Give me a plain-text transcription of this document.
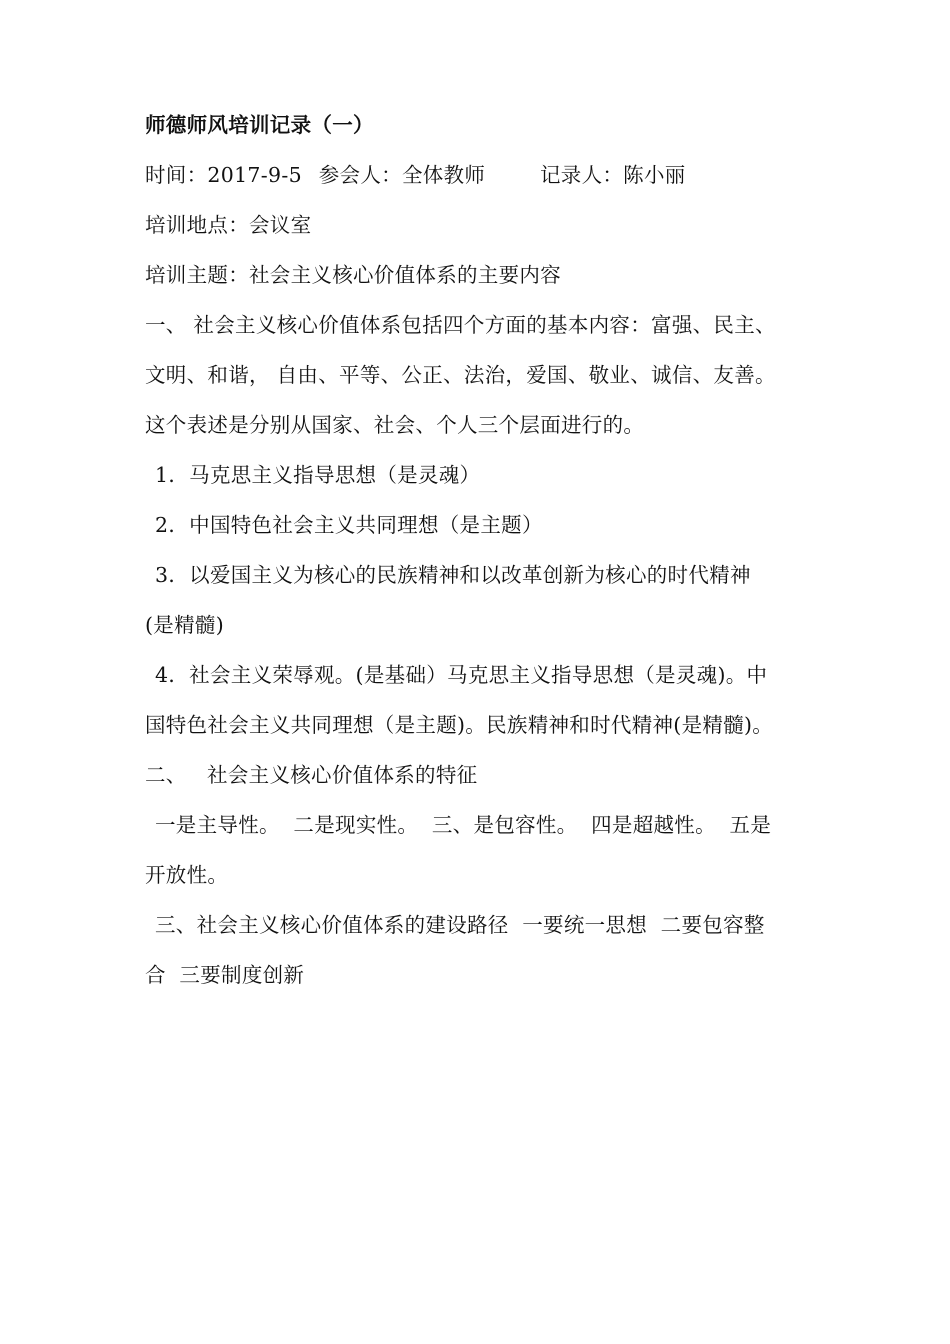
师德师风培训记录（一）
时间：2017-9-5 参会人：全体教师	记录人：陈小丽
培训地点：会议室
培训主题：社会主义核心价值体系的主要内容
一、 社会主义核心价值体系包括四个方面的基本内容：富强、民主、
文明、和谐， 自由、平等、公正、法治，爱国、敬业、诚信、友善。
这个表述是分别从国家、社会、个人三个层面进行的。
1．马克思主义指导思想（是灵魂）
2．中国特色社会主义共同理想（是主题）
3．以爱国主义为核心的民族精神和以改革创新为核心的时代精神
(是精髓)
4．社会主义荣辱观。(是基础）马克思主义指导思想（是灵魂)。中
国特色社会主义共同理想（是主题)。民族精神和时代精神(是精髓)。
二、   社会主义核心价值体系的特征
一是主导性。  二是现实性。  三、是包容性。  四是超越性。  五是
开放性。
三、社会主义核心价值体系的建设路径  一要统一思想  二要包容整
合  三要制度创新
